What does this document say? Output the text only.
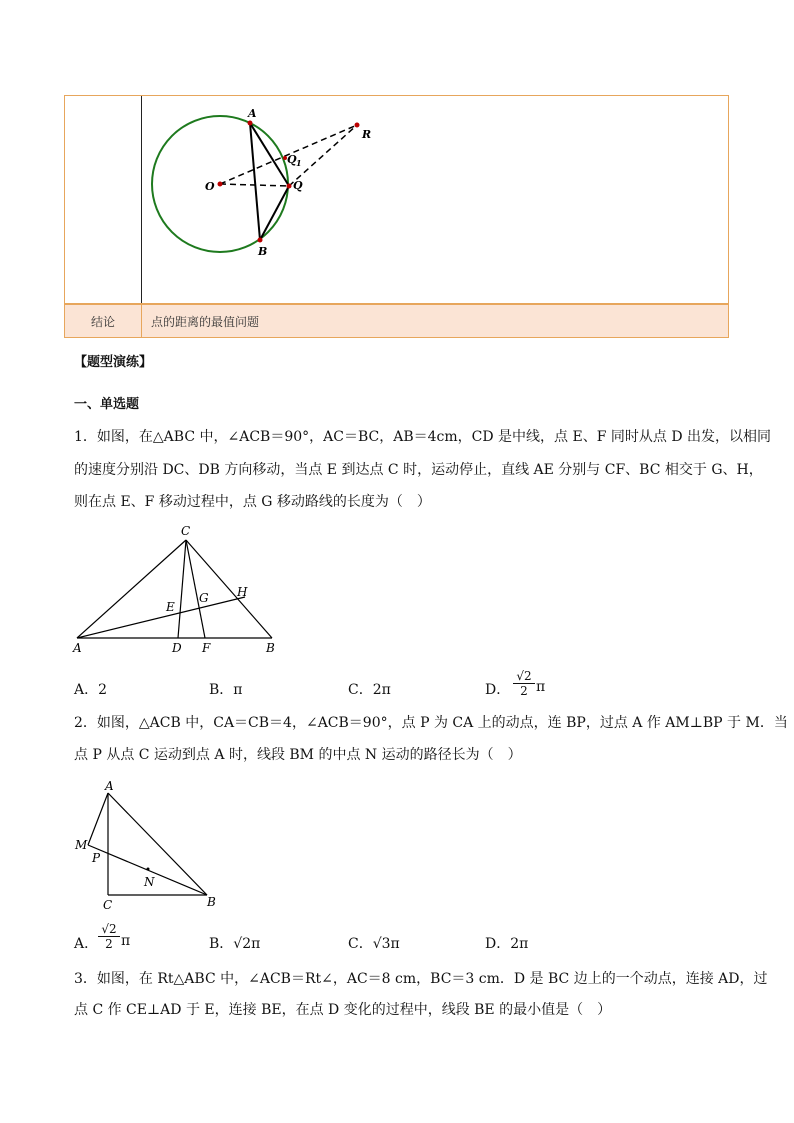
结论	点的距离的最值问题
A
R
Q 1
O	Q
B
【题型演练】
一、单选题
1．如图，在△ABC 中，∠ACB＝90°，AC＝BC，AB＝4cm，CD 是中线，点 E、F 同时从点 D 出发，以相同
的速度分别沿 DC、DB 方向移动，当点 E 到达点 C 时，运动停止，直线 AE 分别与 CF、BC 相交于 G、H，
则在点 E、F 移动过程中，点 G 移动路线的长度为（　）
C
H
G
E
A	D F	B
A．2	B．π	C．2π	D． $\frac{√2}{2}$ π
2．如图，△ACB 中，CA＝CB＝4，∠ACB＝90°，点 P 为 CA 上的动点，连 BP，过点 A 作 AM⊥BP 于 M．当
点 P 从点 C 运动到点 A 时，线段 BM 的中点 N 运动的路径长为（　）
A
M
P
N
C	B
A． $\frac{√2}{2}$ π	B．√2π	C．√3π	D．2π
3．如图，在 Rt△ABC 中，∠ACB＝Rt∠，AC＝8 cm，BC＝3 cm．D 是 BC 边上的一个动点，连接 AD，过
点 C 作 CE⊥AD 于 E，连接 BE，在点 D 变化的过程中，线段 BE 的最小值是（　）
